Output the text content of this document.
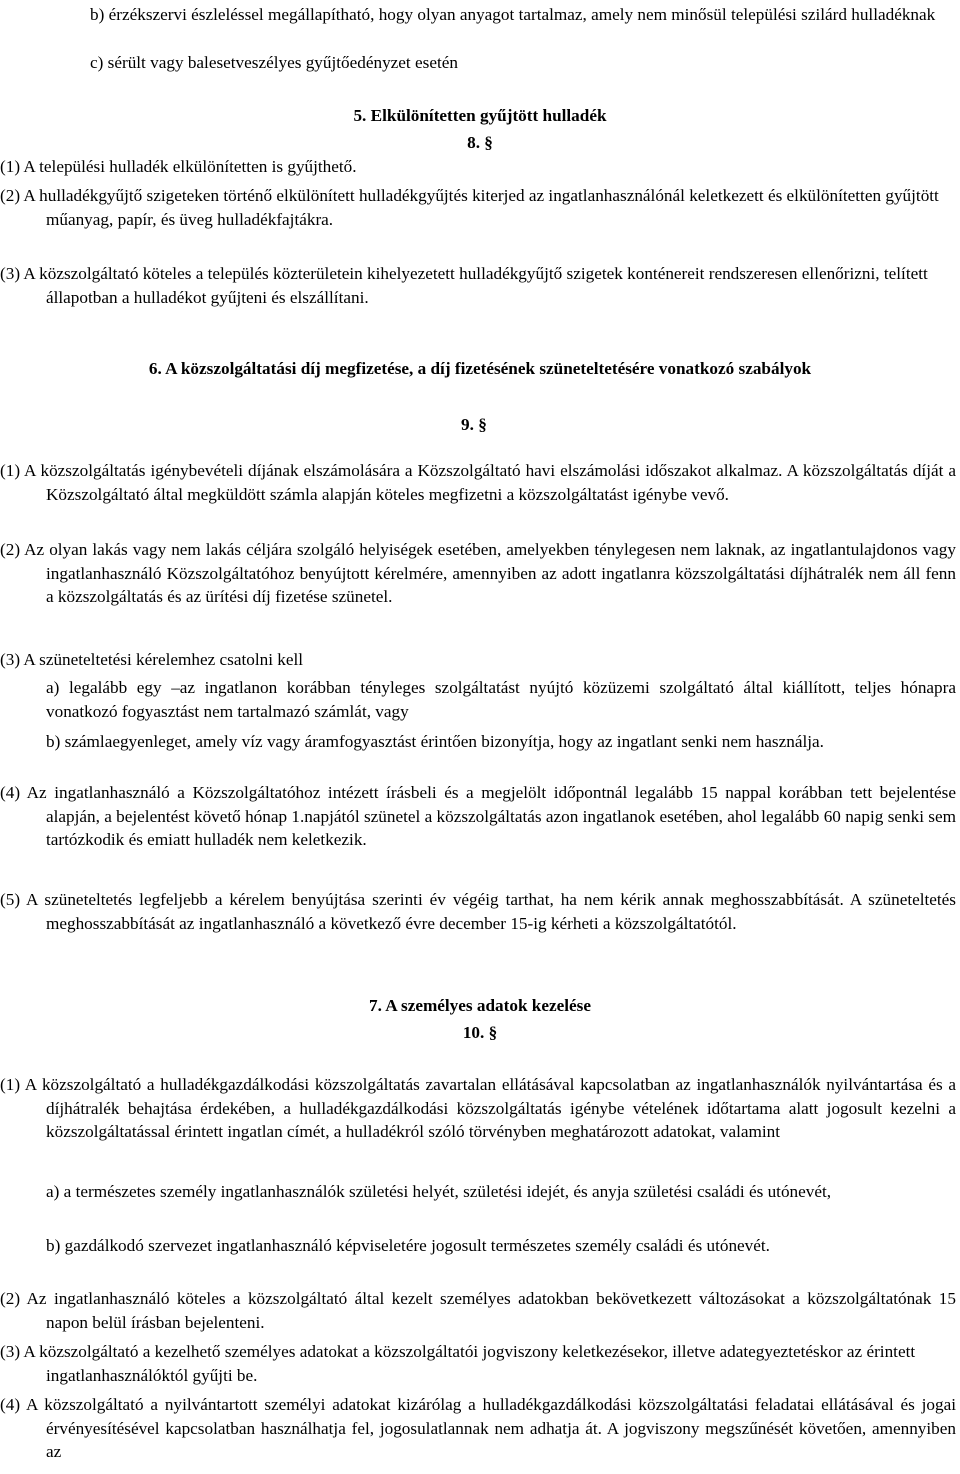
b) érzékszervi észleléssel megállapítható, hogy olyan anyagot tartalmaz, amely nem minősül települési szilárd hulladéknak

c) sérült vagy balesetveszélyes gyűjtőedényzet esetén

5. Elkülönítetten gyűjtött hulladék

8. §

(1) A települési hulladék elkülönítetten is gyűjthető.

(2) A hulladékgyűjtő szigeteken történő elkülönített hulladékgyűjtés kiterjed az ingatlanhasználónál keletkezett és elkülönítetten gyűjtött műanyag, papír, és üveg hulladékfajtákra.

(3) A közszolgáltató köteles a település közterületein kihelyezetett hulladékgyűjtő szigetek konténereit rendszeresen ellenőrizni, telített állapotban a hulladékot gyűjteni és elszállítani.

6. A közszolgáltatási díj megfizetése, a díj fizetésének szüneteltetésére vonatkozó szabályok

9. §

(1) A közszolgáltatás igénybevételi díjának elszámolására a Közszolgáltató havi elszámolási időszakot alkalmaz. A közszolgáltatás díját a Közszolgáltató által megküldött számla alapján köteles megfizetni a közszolgáltatást igénybe vevő.

(2) Az olyan lakás vagy nem lakás céljára szolgáló helyiségek esetében, amelyekben ténylegesen nem laknak, az ingatlantulajdonos vagy ingatlanhasználó Közszolgáltatóhoz benyújtott kérelmére, amennyiben az adott ingatlanra közszolgáltatási díjhátralék nem áll fenn a közszolgáltatás és az ürítési díj fizetése szünetel.

(3) A szüneteltetési kérelemhez csatolni kell

a) legalább egy –az ingatlanon korábban tényleges szolgáltatást nyújtó közüzemi szolgáltató által kiállított, teljes hónapra vonatkozó fogyasztást nem tartalmazó számlát, vagy

b) számlaegyenleget, amely víz vagy áramfogyasztást érintően bizonyítja, hogy az ingatlant senki nem használja.

(4) Az ingatlanhasználó a Közszolgáltatóhoz intézett írásbeli és a megjelölt időpontnál legalább 15 nappal korábban tett bejelentése alapján, a bejelentést követő hónap 1.napjától szünetel a közszolgáltatás azon ingatlanok esetében, ahol legalább 60 napig senki sem tartózkodik és emiatt hulladék nem keletkezik.

(5) A szüneteltetés legfeljebb a kérelem benyújtása szerinti év végéig tarthat, ha nem kérik annak meghosszabbítását. A szüneteltetés meghosszabbítását az ingatlanhasználó a következő évre december 15-ig kérheti a közszolgáltatótól.

7. A személyes adatok kezelése

10. §

(1) A közszolgáltató a hulladékgazdálkodási közszolgáltatás zavartalan ellátásával kapcsolatban az ingatlanhasználók nyilvántartása és a díjhátralék behajtása érdekében, a hulladékgazdálkodási közszolgáltatás igénybe vételének időtartama alatt jogosult kezelni a közszolgáltatással érintett ingatlan címét, a hulladékról szóló törvényben meghatározott adatokat, valamint

a) a természetes személy ingatlanhasználók születési helyét, születési idejét, és anyja születési családi és utónevét,

b) gazdálkodó szervezet ingatlanhasználó képviseletére jogosult természetes személy családi és utónevét.

(2) Az ingatlanhasználó köteles a közszolgáltató által kezelt személyes adatokban bekövetkezett változásokat a közszolgáltatónak 15 napon belül írásban bejelenteni.

(3) A közszolgáltató a kezelhető személyes adatokat a közszolgáltatói jogviszony keletkezésekor, illetve adategyeztetéskor az érintett ingatlanhasználóktól gyűjti be.

(4) A közszolgáltató a nyilvántartott személyi adatokat kizárólag a hulladékgazdálkodási közszolgáltatási feladatai ellátásával és jogai érvényesítésével kapcsolatban használhatja fel, jogosulatlannak nem adhatja át. A jogviszony megszűnését követően, amennyiben az
